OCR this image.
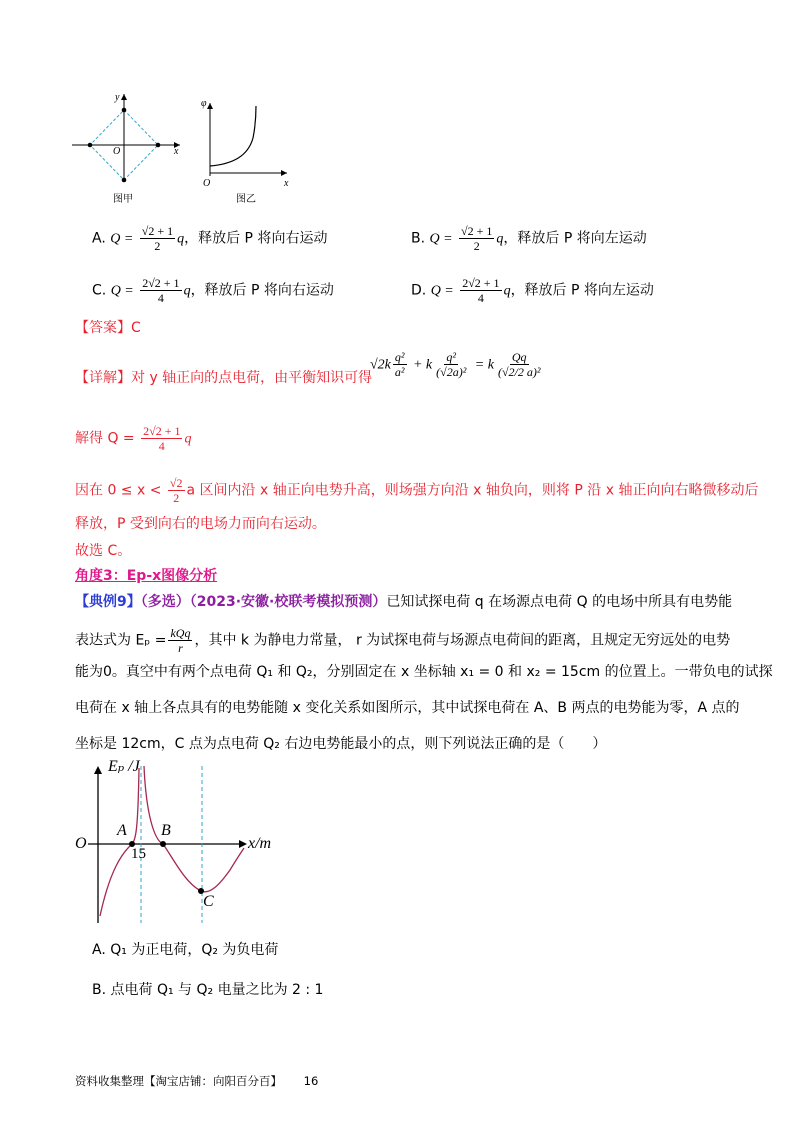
y
x
O
图甲
φ
O	x
图乙
A. $Q = \frac{√2 + 1}{2}$ q，释放后 P 将向右运动	B. $Q = \frac{√2 + 1}{2}$ q，释放后 P 将向左运动
C. $Q = \frac{2√2 + 1}{4}$ q，释放后 P 将向右运动	D. $Q = \frac{2√2 + 1}{4}$ q，释放后 P 将向左运动
【答案】C
【详解】对 y 轴正向的点电荷，由平衡知识可得
$√2k \frac{\text{q²}}{\text{a²}} + k \frac{\text{q²}}{\text{(√2a)²}} = k \frac{Qq}{\text{(√2/2 a)²}}$
解得 $Q = \frac{2√2 + 1}{4}$ q
因在 $0 \le x < \frac{√2}{2}$ a 区间内沿 x 轴正向电势升高，则场强方向沿 x 轴负向，则将 P 沿 x 轴正向向右略微移动后
释放，P 受到向右的电场力而向右运动。
故选 C。
角度3：Ep-x图像分析
【典例9】（多选）（2023·安徽·校联考模拟预测）已知试探电荷 q 在场源点电荷 Q 的电场中所具有电势能
表达式为 $E_p = \frac{\text{kQq}}{r}$ ，其中 k 为静电力常量， r 为试探电荷与场源点电荷间的距离，且规定无穷远处的电势
能为0。真空中有两个点电荷 Q₁ 和 Q₂，分别固定在 x 坐标轴 x₁ = 0 和 x₂ = 15cm 的位置上。一带负电的试探
电荷在 x 轴上各点具有的电势能随 x 变化关系如图所示，其中试探电荷在 A、B 两点的电势能为零，A 点的
坐标是 12cm，C 点为点电荷 Q₂ 右边电势能最小的点，则下列说法正确的是（　　）
Eₚ /J
x/m
O
A B
C
15
A. Q₁ 为正电荷，Q₂ 为负电荷
B. 点电荷 Q₁ 与 Q₂ 电量之比为 2 : 1
资料收集整理【淘宝店铺：向阳百分百】 16
